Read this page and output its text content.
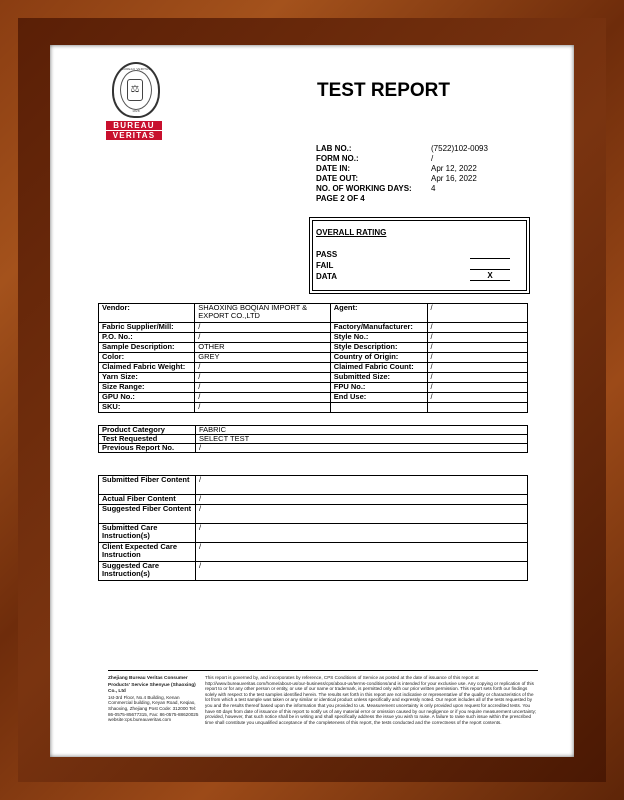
BUREAU VERITAS
⚖
1828
BUREAU
VERITAS
TEST REPORT
LAB NO.:	(7522)102-0093
FORM NO.:	/
DATE IN:	Apr 12, 2022
DATE OUT:	Apr 16, 2022
NO. OF WORKING DAYS:	4
PAGE 2 OF 4
OVERALL RATING
PASS
FAIL
DATA	X
Vendor:	SHAOXING BOQIAN IMPORT & EXPORT CO.,LTD	Agent:	/
Fabric Supplier/Mill:	/	Factory/Manufacturer:	/
P.O. No.:	/	Style No.:	/
Sample Description:	OTHER	Style Description:	/
Color:	GREY	Country of Origin:	/
Claimed Fabric Weight:	/	Claimed Fabric Count:	/
Yarn Size:	/	Submitted Size:	/
Size Range:	/	FPU No.:	/
GPU No.:	/	End Use:	/
SKU:	/		
Product Category	FABRIC
Test Requested	SELECT TEST
Previous Report No.	/
Submitted Fiber Content	/
Actual Fiber Content	/
Suggested Fiber Content	/
Submitted Care Instruction(s)	/
Client Expected Care Instruction	/
Suggested Care Instruction(s)	/
Zhejiang Bureau Veritas Consumer Products' Service Shenyue (Shaoxing) Co., Ltd
1st-3rd Floor, No.4 Building, Kenan Commercial building, Keyan Road, Keqiao, Shaoxing, Zhejiang Post Code: 312000 Tel: 86-0575-85677315, Fax: 86-0575-88620025 website:cps.bureauveritas.com
This report is governed by, and incorporates by reference, CPS Conditions of Service as posted at the date of issuance of this report at http://www.bureauveritas.com/home/about-us/our-business/cps/about-us/terms-conditions/and is intended for your exclusive use. Any copying or replication of this report to or for any other person or entity, or use of our name or trademark, is permitted only with our prior written permission. This report sets forth our findings solely with respect to the test samples identified herein. The results set forth in this report are not indicative or representative of the quality or characteristics of the lot from which a test sample was taken or any similar or identical product unless specifically and expressly noted. Our report includes all of the tests requested by you and the results thereof based upon the information that you provided to us. Measurement uncertainty is only provided upon request for accredited tests. You have 60 days from date of issuance of this report to notify us of any material error or omission caused by our negligence or if you require measurement uncertainty; provided, however, that such notice shall be in writing and shall specifically address the issue you wish to raise. A failure to raise such issue within the prescribed time shall constitute you unqualified acceptance of the completeness of this report, the tests conducted and the correctness of the report contents.
